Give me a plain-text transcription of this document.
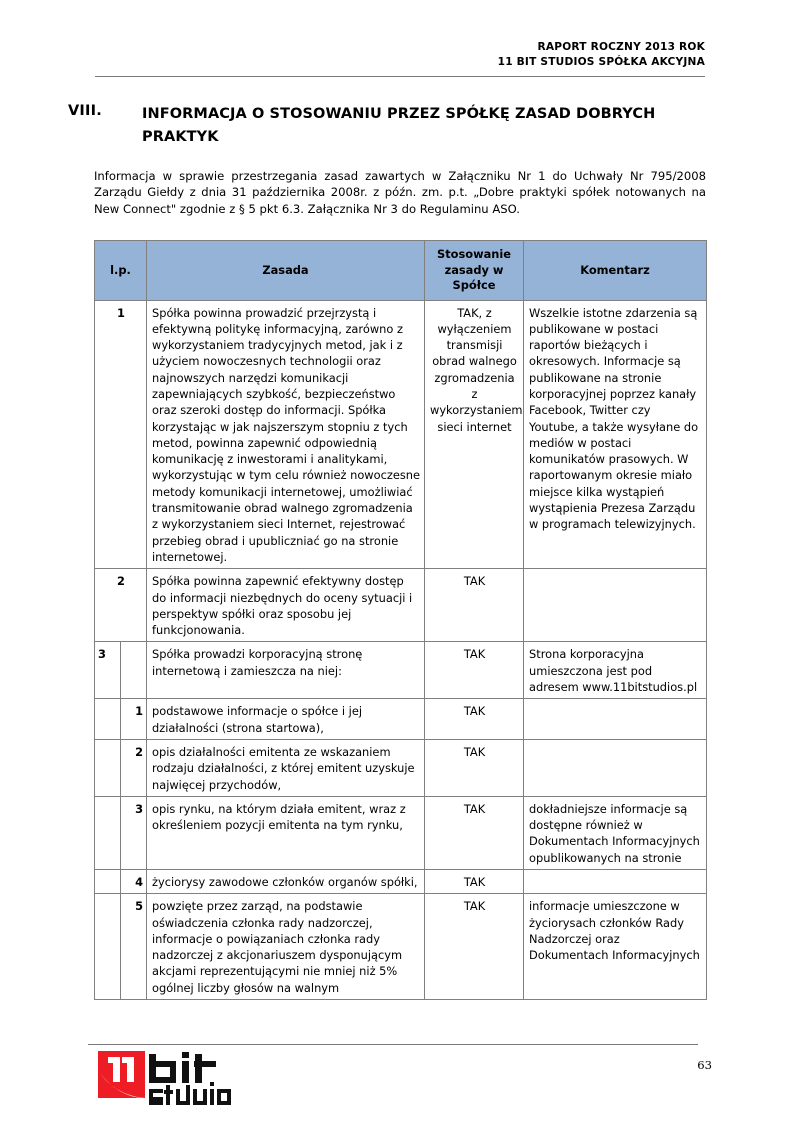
RAPORT ROCZNY 2013 ROK
11 BIT STUDIOS SPÓŁKA AKCYJNA
VIII.	INFORMACJA O STOSOWANIU PRZEZ SPÓŁKĘ ZASAD DOBRYCH PRAKTYK
Informacja w sprawie przestrzegania zasad zawartych w Załączniku Nr 1 do Uchwały Nr 795/2008 Zarządu Giełdy z dnia 31 października 2008r. z późn. zm. p.t. „Dobre praktyki spółek notowanych na New Connect" zgodnie z § 5 pkt 6.3. Załącznika Nr 3 do Regulaminu ASO.
l.p.		Zasada	Stosowanie zasady w Spółce	Komentarz
1	Spółka powinna prowadzić przejrzystą i efektywną politykę informacyjną, zarówno z wykorzystaniem tradycyjnych metod, jak i z użyciem nowoczesnych technologii oraz najnowszych narzędzi komunikacji zapewniających szybkość, bezpieczeństwo oraz szeroki dostęp do informacji. Spółka korzystając w jak najszerszym stopniu z tych metod, powinna zapewnić odpowiednią komunikację z inwestorami i analitykami, wykorzystując w tym celu również nowoczesne metody komunikacji internetowej, umożliwiać transmitowanie obrad walnego zgromadzenia z wykorzystaniem sieci Internet, rejestrować przebieg obrad i upubliczniać go na stronie internetowej.	TAK, z wyłączeniem transmisji obrad walnego zgromadzenia z wykorzystaniem sieci internet	Wszelkie istotne zdarzenia są publikowane w postaci raportów bieżących i okresowych. Informacje są publikowane na stronie korporacyjnej poprzez kanały Facebook, Twitter czy Youtube, a także wysyłane do mediów w postaci komunikatów prasowych. W raportowanym okresie miało miejsce kilka wystąpień wystąpienia Prezesa Zarządu w programach telewizyjnych.
2		Spółka powinna zapewnić efektywny dostęp do informacji niezbędnych do oceny sytuacji i perspektyw spółki oraz sposobu jej funkcjonowania.	TAK	
3		Spółka prowadzi korporacyjną stronę internetową i zamieszcza na niej:	TAK	Strona korporacyjna umieszczona jest pod adresem www.11bitstudios.pl
	1	podstawowe informacje o spółce i jej działalności (strona startowa),	TAK	
	2	opis działalności emitenta ze wskazaniem rodzaju działalności, z której emitent uzyskuje najwięcej przychodów,	TAK	
	3	opis rynku, na którym działa emitent, wraz z określeniem pozycji emitenta na tym rynku,	TAK	dokładniejsze informacje są dostępne również w Dokumentach Informacyjnych opublikowanych na stronie
	4	życiorysy zawodowe członków organów spółki,	TAK	
	5	powzięte przez zarząd, na podstawie oświadczenia członka rady nadzorczej, informacje o powiązaniach członka rady nadzorczej z akcjonariuszem dysponującym akcjami reprezentującymi nie mniej niż 5% ogólnej liczby głosów na walnym	TAK	informacje umieszczone w życiorysach członków Rady Nadzorczej oraz Dokumentach Informacyjnych
63
